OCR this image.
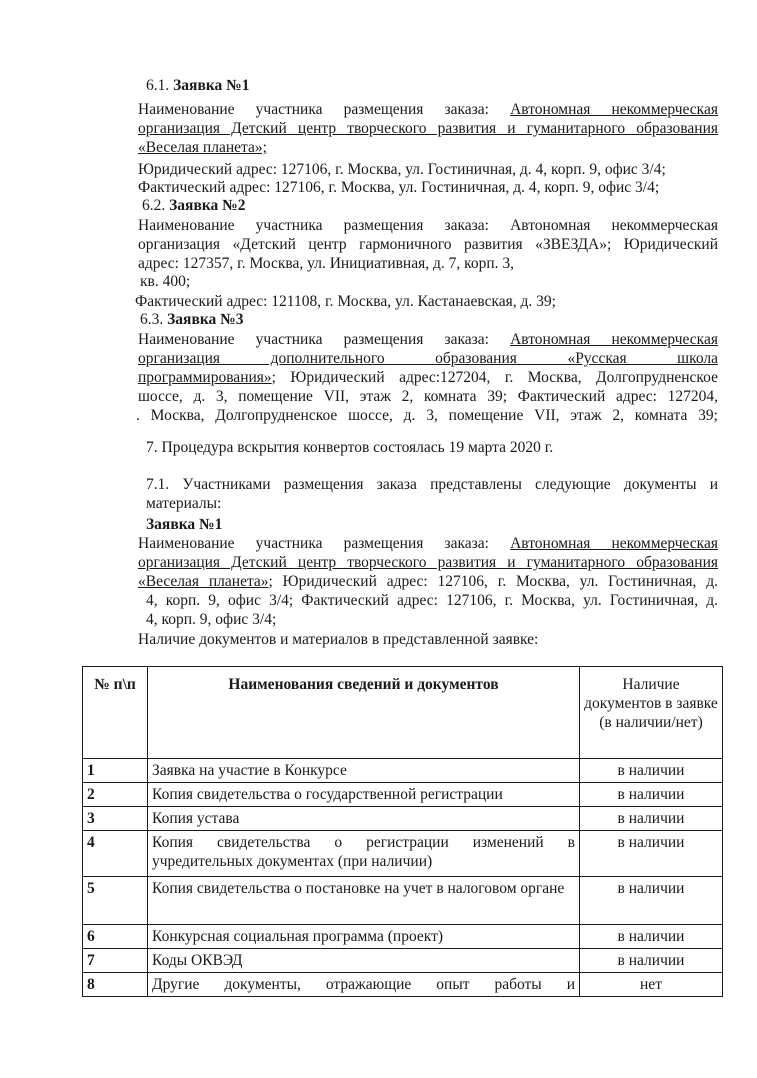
6.1. Заявка №1
Наименование участника размещения заказа: Автономная некоммерческая
организация Детский центр творческого развития и гуманитарного образования
«Веселая планета»;
Юридический адрес: 127106, г. Москва, ул. Гостиничная, д. 4, корп. 9, офис 3/4;
Фактический адрес: 127106, г. Москва, ул. Гостиничная, д. 4, корп. 9, офис 3/4;
6.2. Заявка №2
Наименование участника размещения заказа: Автономная некоммерческая
организация «Детский центр гармоничного развития «ЗВЕЗДА»; Юридический
адрес: 127357, г. Москва, ул. Инициативная, д. 7, корп. 3,
кв. 400;
Фактический адрес: 121108, г. Москва, ул. Кастанаевская, д. 39;
6.3. Заявка №3
Наименование участника размещения заказа: Автономная некоммерческая
организация дополнительного образования «Русская школа
программирования»; Юридический адрес:127204, г. Москва, Долгопрудненское
шоссе, д. 3, помещение VII, этаж 2, комната 39; Фактический адрес: 127204,
. Москва, Долгопрудненское шоссе, д. 3, помещение VII, этаж 2, комната 39;
7. Процедура вскрытия конвертов состоялась 19 марта 2020 г.
7.1. Участниками размещения заказа представлены следующие документы и
материалы:
Заявка №1
Наименование участника размещения заказа: Автономная некоммерческая
организация Детский центр творческого развития и гуманитарного образования
«Веселая планета»; Юридический адрес: 127106, г. Москва, ул. Гостиничная, д.
4, корп. 9, офис 3/4; Фактический адрес: 127106, г. Москва, ул. Гостиничная, д.
4, корп. 9, офис 3/4;
Наличие документов и материалов в представленной заявке:
№ п\п	Наименования сведений и документов	Наличие документов в заявке (в наличии/нет)
1	Заявка на участие в Конкурсе	в наличии
2	Копия свидетельства о государственной регистрации	в наличии
3	Копия устава	в наличии
4	Копия свидетельства о регистрации изменений в учредительных документах (при наличии)	в наличии
5	Копия свидетельства о постановке на учет в налоговом органе	в наличии
6	Конкурсная социальная программа (проект)	в наличии
7	Коды ОКВЭД	в наличии
8	Другие документы, отражающие опыт работы и	нет
